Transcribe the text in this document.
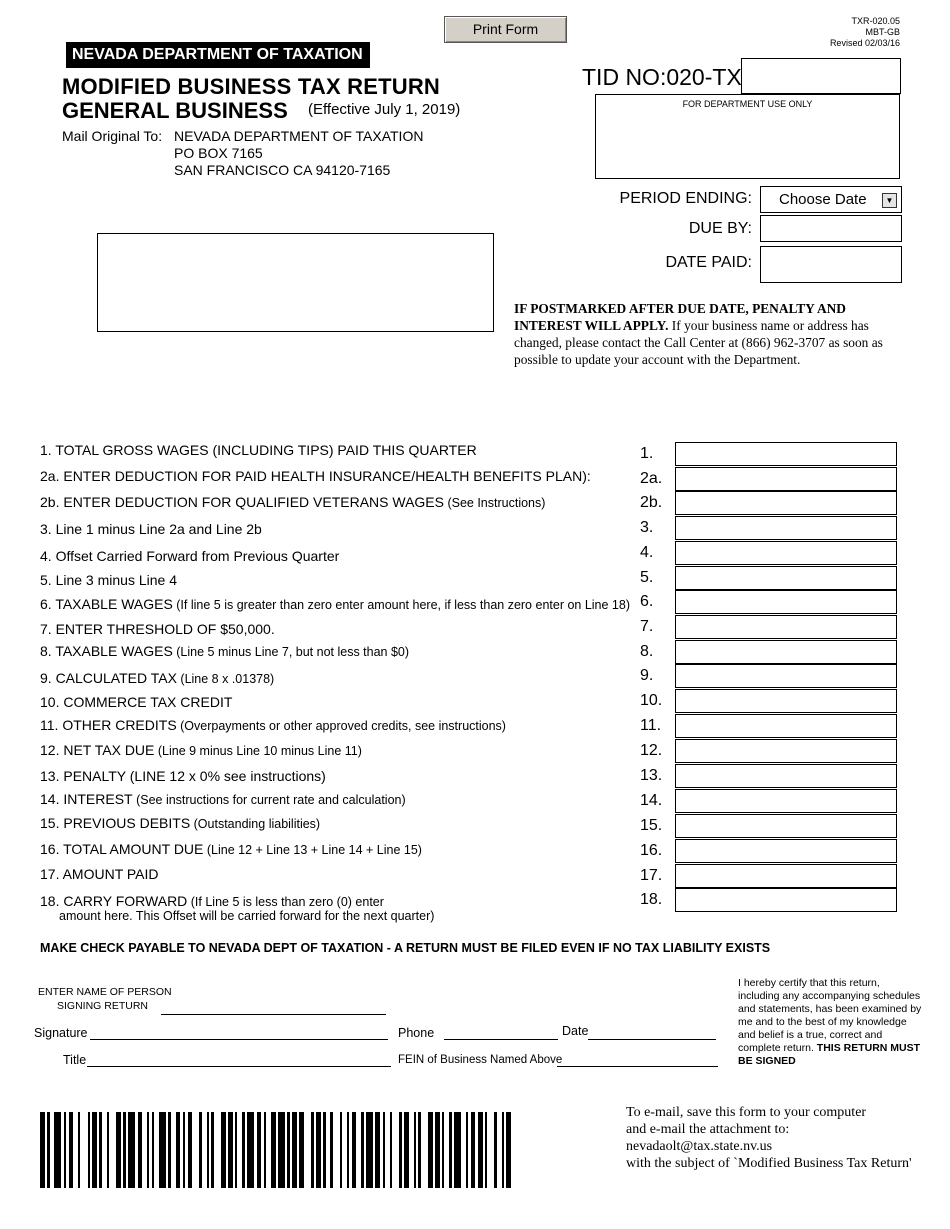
Print Form	TXR-020.05
MBT-GB
Revised 02/03/16
NEVADA DEPARTMENT OF TAXATION
MODIFIED BUSINESS TAX RETURN
GENERAL BUSINESS (Effective July 1, 2019)
Mail Original To: NEVADA DEPARTMENT OF TAXATION
PO BOX 7165
SAN FRANCISCO CA 94120-7165
TID NO:020-TX
FOR DEPARTMENT USE ONLY
PERIOD ENDING:	Choose Date	▼
DUE BY:
DATE PAID:
IF POSTMARKED AFTER DUE DATE, PENALTY AND INTEREST WILL APPLY. If your business name or address has changed, please contact the Call Center at (866) 962-3707 as soon as possible to update your account with the Department.
1. TOTAL GROSS WAGES (INCLUDING TIPS) PAID THIS QUARTER	1.
2a. ENTER DEDUCTION FOR PAID HEALTH INSURANCE/HEALTH BENEFITS PLAN):	2a.
2b. ENTER DEDUCTION FOR QUALIFIED VETERANS WAGES (See Instructions)	2b.
3. Line 1 minus Line 2a and Line 2b	3.
4. Offset Carried Forward from Previous Quarter	4.
5. Line 3 minus Line 4	5.
6. TAXABLE WAGES (If line 5 is greater than zero enter amount here, if less than zero enter on Line 18) 6.
7. ENTER THRESHOLD OF $50,000.	7.
8. TAXABLE WAGES (Line 5 minus Line 7, but not less than $0)	8.
9. CALCULATED TAX (Line 8 x .01378)	9.
10. COMMERCE TAX CREDIT	10.
11. OTHER CREDITS (Overpayments or other approved credits, see instructions)	11.
12. NET TAX DUE (Line 9 minus Line 10 minus Line 11)	12.
13. PENALTY (LINE 12 x 0% see instructions)	13.
14. INTEREST (See instructions for current rate and calculation)	14.
15. PREVIOUS DEBITS (Outstanding liabilities)	15.
16. TOTAL AMOUNT DUE (Line 12 + Line 13 + Line 14 + Line 15)	16.
17. AMOUNT PAID	17.
18. CARRY FORWARD (If Line 5 is less than zero (0) enter	18.
amount here. This Offset will be carried forward for the next quarter)
MAKE CHECK PAYABLE TO NEVADA DEPT OF TAXATION - A RETURN MUST BE FILED EVEN IF NO TAX LIABILITY EXISTS
ENTER NAME OF PERSON
SIGNING RETURN
Signature	Phone	Date
Title	FEIN of Business Named Above
I hereby certify that this return, including any accompanying schedules and statements, has been examined by me and to the best of my knowledge and belief is a true, correct and complete return. THIS RETURN MUST BE SIGNED
To e-mail, save this form to your computer
and e-mail the attachment to:
nevadaolt@tax.state.nv.us
with the subject of `Modified Business Tax Return'
